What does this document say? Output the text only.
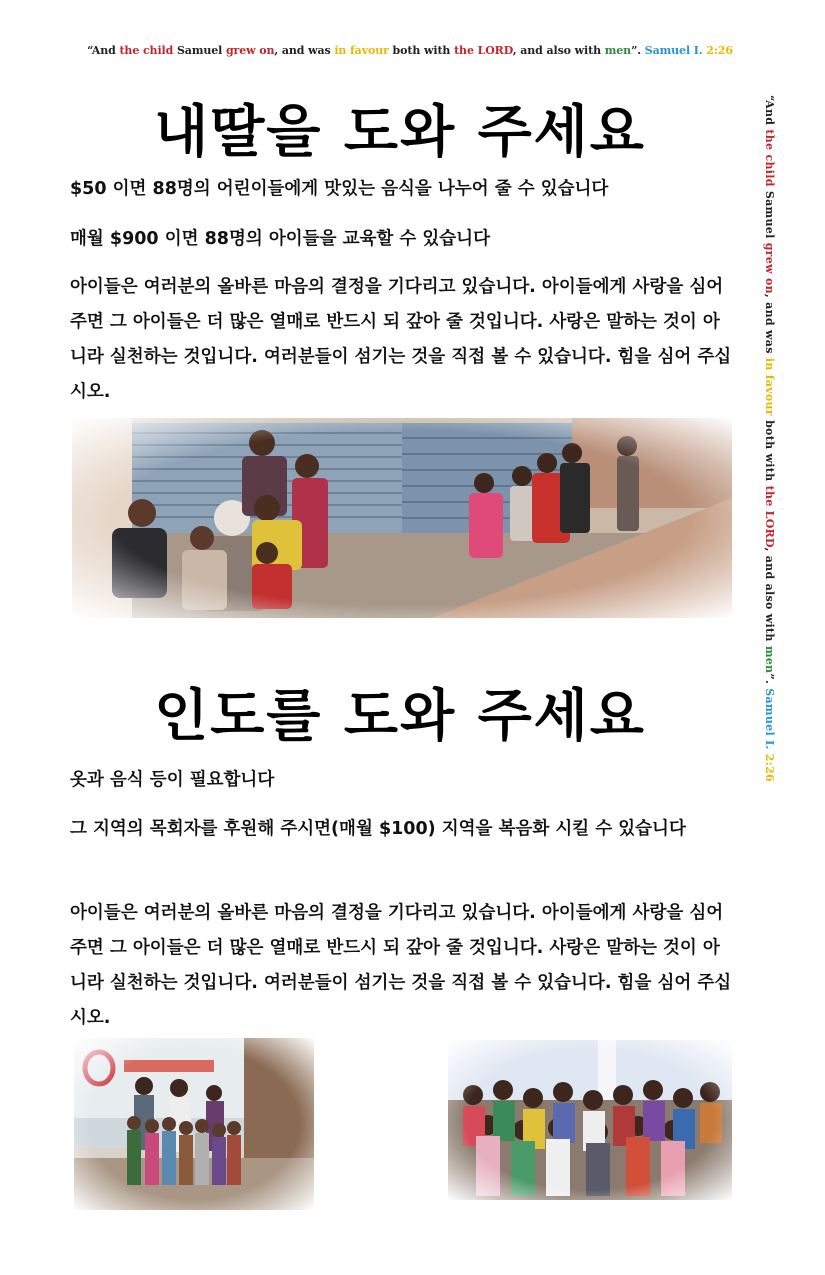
“And the child Samuel grew on, and was in favour both with the LORD, and also with men”. Samuel I. 2:26
“And the child Samuel grew on, and was in favour both with the LORD, and also with men”. Samuel I. 2:26
내딸을 도와 주세요

$50 이면 88명의 어린이들에게 맛있는 음식을 나누어 줄 수 있습니다

매월 $900 이면 88명의 아이들을 교육할 수 있습니다

아이들은 여러분의 올바른 마음의 결정을 기다리고 있습니다. 아이들에게 사랑을 심어 주면 그 아이들은 더 많은 열매로 반드시 되 갚아 줄 것입니다. 사랑은 말하는 것이 아니라 실천하는 것입니다. 여러분들이 섬기는 것을 직접 볼 수 있습니다. 힘을 심어 주십시오.

인도를 도와 주세요

옷과 음식 등이 필요합니다

그 지역의 목회자를 후원해 주시면(매월 $100) 지역을 복음화 시킬 수 있습니다

아이들은 여러분의 올바른 마음의 결정을 기다리고 있습니다. 아이들에게 사랑을 심어 주면 그 아이들은 더 많은 열매로 반드시 되 갚아 줄 것입니다. 사랑은 말하는 것이 아니라 실천하는 것입니다. 여러분들이 섬기는 것을 직접 볼 수 있습니다. 힘을 심어 주십시오.
